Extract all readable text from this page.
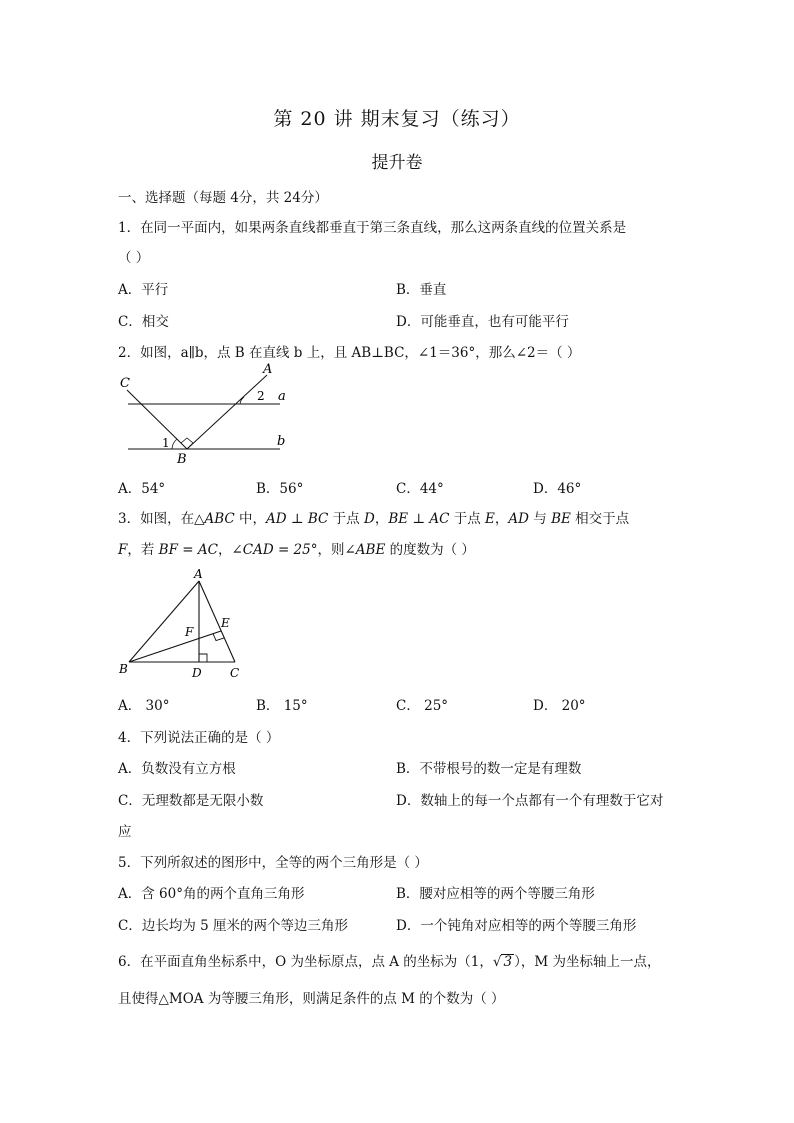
第 20 讲 期末复习（练习）
提升卷
一、选择题（每题 4分，共 24分）
1．在同一平面内，如果两条直线都垂直于第三条直线，那么这两条直线的位置关系是
（ ）
A．平行	B．垂直
C．相交	D．可能垂直，也有可能平行
2．如图，a∥b，点 B 在直线 b 上，且 AB⊥BC，∠1＝36°，那么∠2＝（ ）
C
A
a
b
1
2
B
A．54°	B．56°	C．44°	D．46°
3．如图，在△ABC 中，AD ⊥ BC 于点 D，BE ⊥ AC 于点 E，AD 与 BE 相交于点
F，若 BF = AC，∠CAD = 25°，则∠ABE 的度数为（ ）
A
E
F
B	D C
A． 30°	B． 15°	C． 25°	D． 20°
4．下列说法正确的是（ ）
A．负数没有立方根	B．不带根号的数一定是有理数
C．无理数都是无限小数	D．数轴上的每一个点都有一个有理数于它对
应
5．下列所叙述的图形中，全等的两个三角形是（ ）
A．含 60°角的两个直角三角形	B．腰对应相等的两个等腰三角形
C．边长均为 5 厘米的两个等边三角形	D．一个钝角对应相等的两个等腰三角形
6．在平面直角坐标系中，O 为坐标原点，点 A 的坐标为（1，√ 3 ），M 为坐标轴上一点，
且使得△MOA 为等腰三角形，则满足条件的点 M 的个数为（ ）
